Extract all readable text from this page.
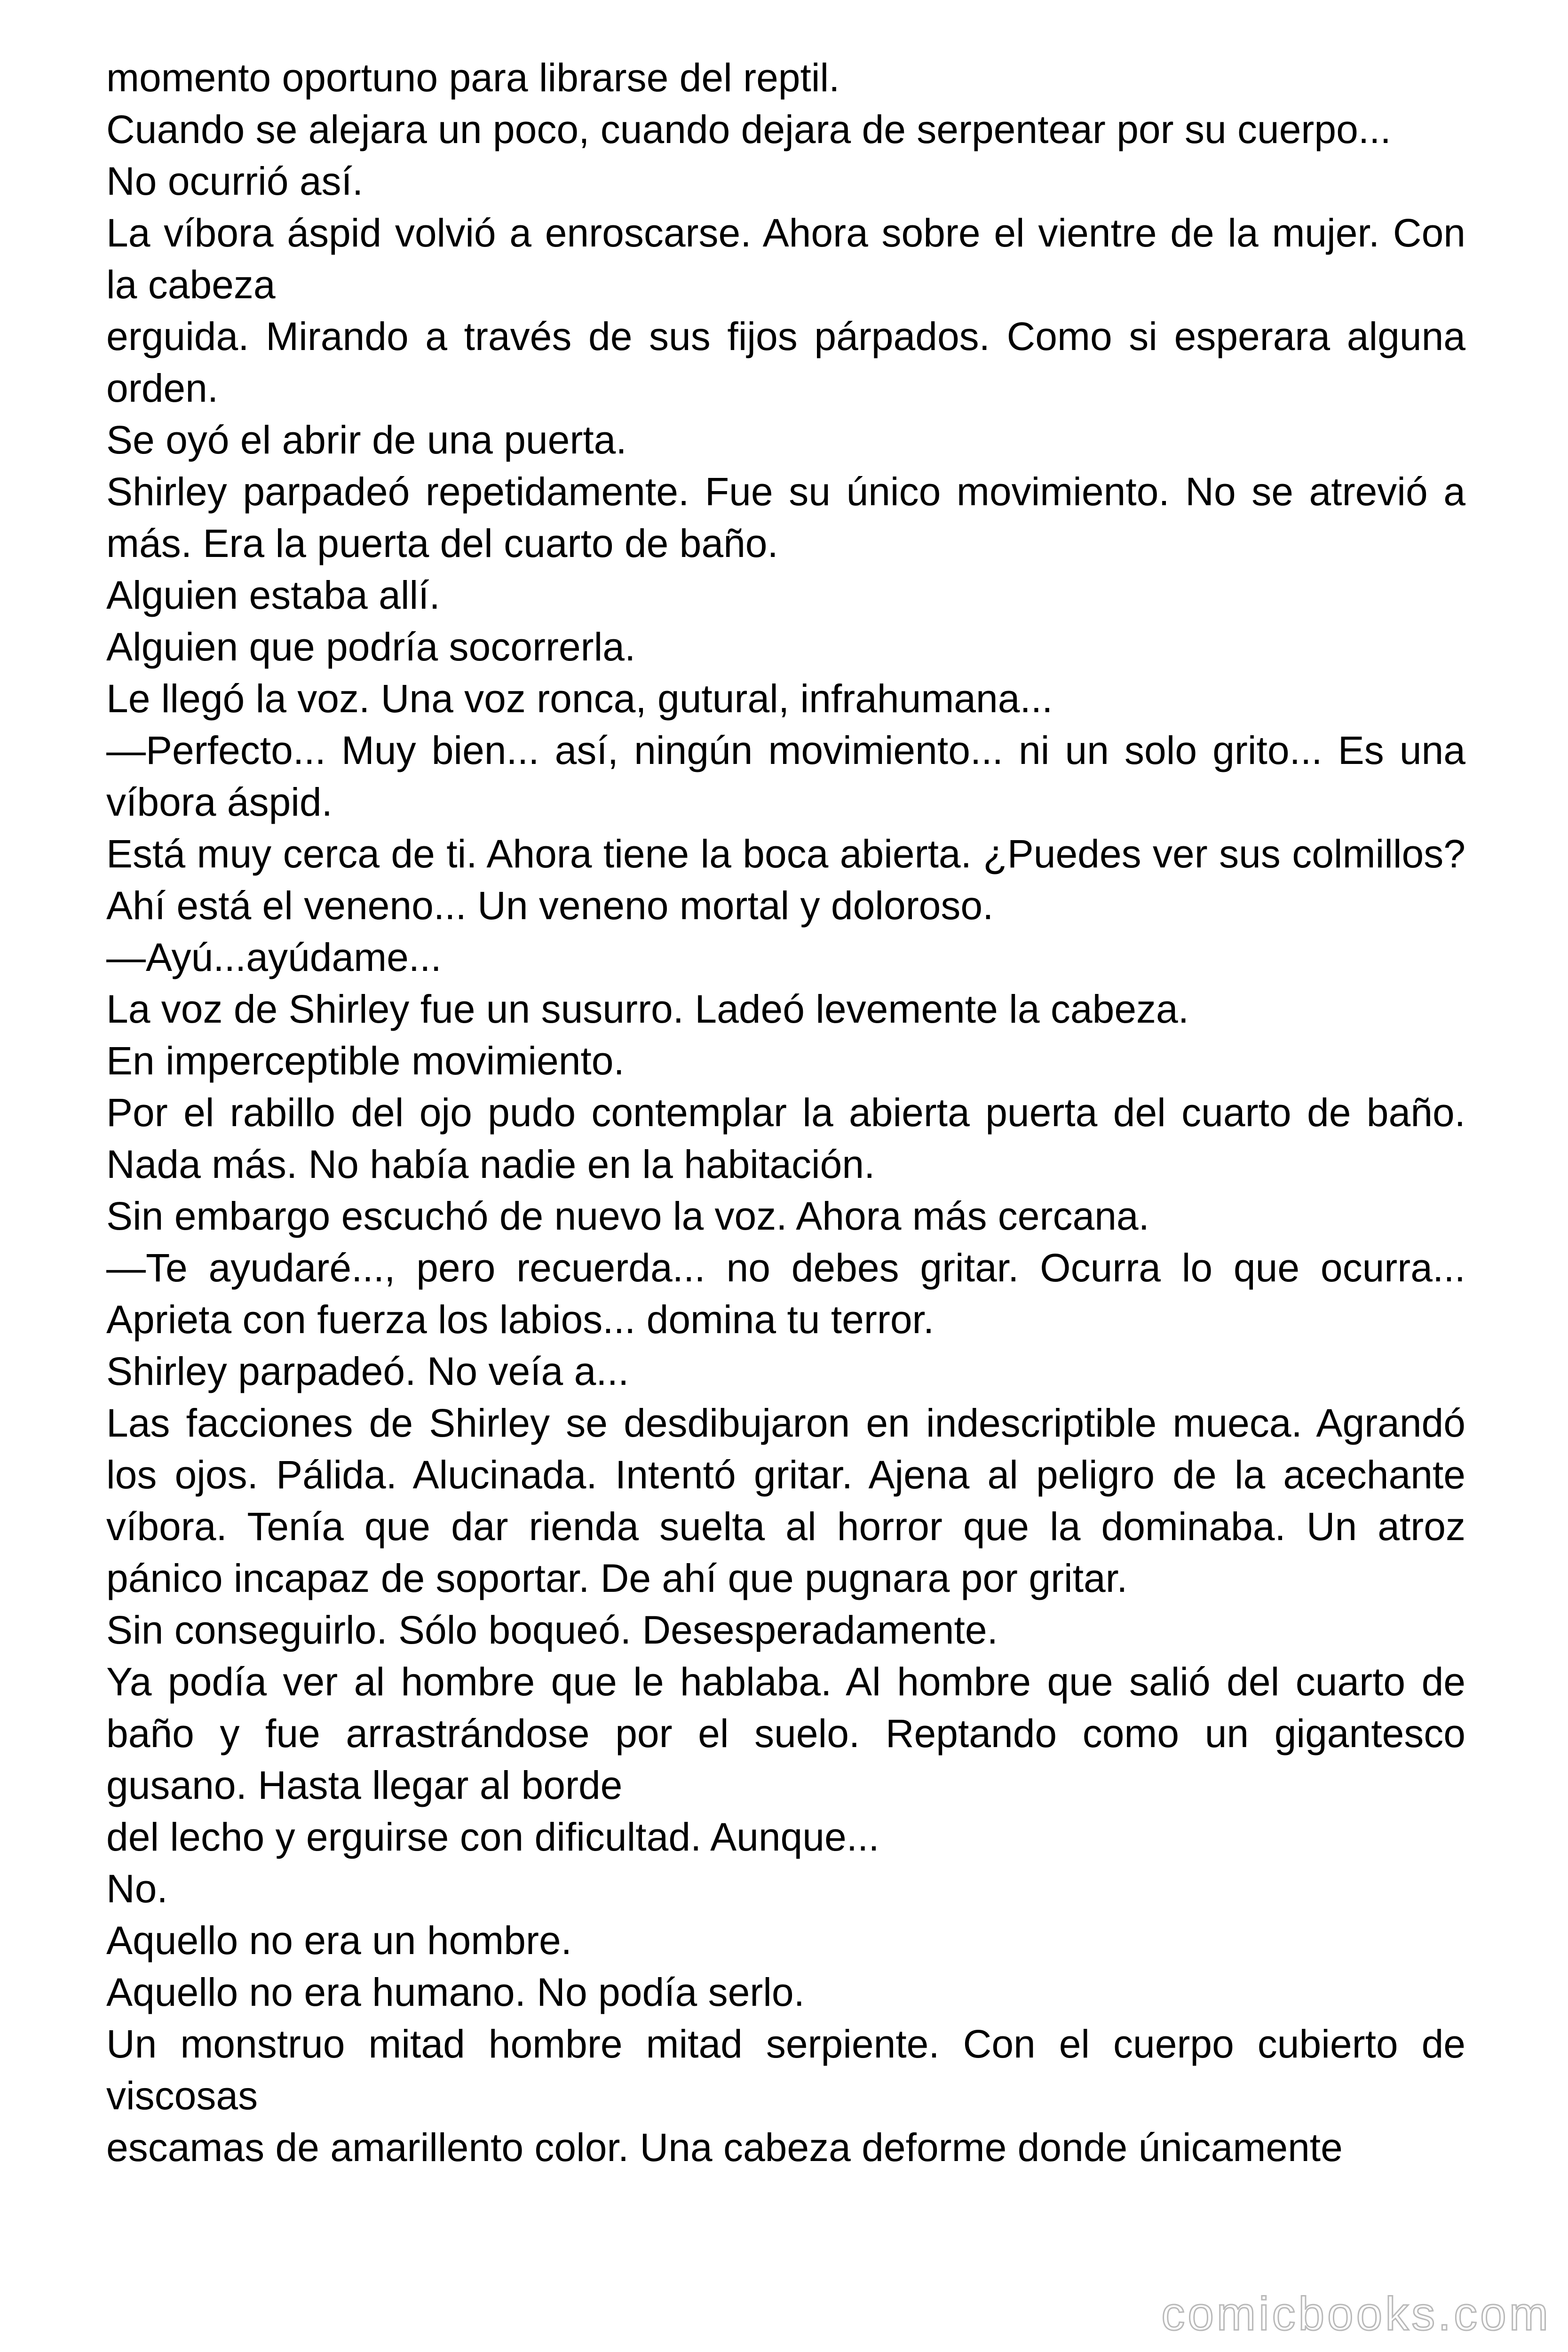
momento oportuno para librarse del reptil.

Cuando se alejara un poco, cuando dejara de serpentear por su cuerpo...

No ocurrió así.

La víbora áspid volvió a enroscarse. Ahora sobre el vientre de la mujer. Con la cabeza

erguida. Mirando a través de sus fijos párpados. Como si esperara alguna orden.

Se oyó el abrir de una puerta.

Shirley parpadeó repetidamente. Fue su único movimiento. No se atrevió a más. Era la puerta del cuarto de baño.

Alguien estaba allí.

Alguien que podría socorrerla.

Le llegó la voz. Una voz ronca, gutural, infrahumana...

—Perfecto... Muy bien... así, ningún movimiento... ni un solo grito... Es una víbora áspid.

Está muy cerca de ti. Ahora tiene la boca abierta. ¿Puedes ver sus colmillos? Ahí está el veneno... Un veneno mortal y doloroso.

—Ayú...ayúdame...

La voz de Shirley fue un susurro. Ladeó levemente la cabeza.

En imperceptible movimiento.

Por el rabillo del ojo pudo contemplar la abierta puerta del cuarto de baño. Nada más. No había nadie en la habitación.

Sin embargo escuchó de nuevo la voz. Ahora más cercana.

—Te ayudaré..., pero recuerda... no debes gritar. Ocurra lo que ocurra... Aprieta con fuerza los labios... domina tu terror.

Shirley parpadeó. No veía a...

Las facciones de Shirley se desdibujaron en indescriptible mueca. Agrandó los ojos. Pálida. Alucinada. Intentó gritar. Ajena al peligro de la acechante víbora. Tenía que dar rienda suelta al horror que la dominaba. Un atroz pánico incapaz de soportar. De ahí que pugnara por gritar.

Sin conseguirlo. Sólo boqueó. Desesperadamente.

Ya podía ver al hombre que le hablaba. Al hombre que salió del cuarto de baño y fue arrastrándose por el suelo. Reptando como un gigantesco gusano. Hasta llegar al borde

del lecho y erguirse con dificultad. Aunque...

No.

Aquello no era un hombre.

Aquello no era humano. No podía serlo.

Un monstruo mitad hombre mitad serpiente. Con el cuerpo cubierto de viscosas

escamas de amarillento color. Una cabeza deforme donde únicamente

comicbooks.com
